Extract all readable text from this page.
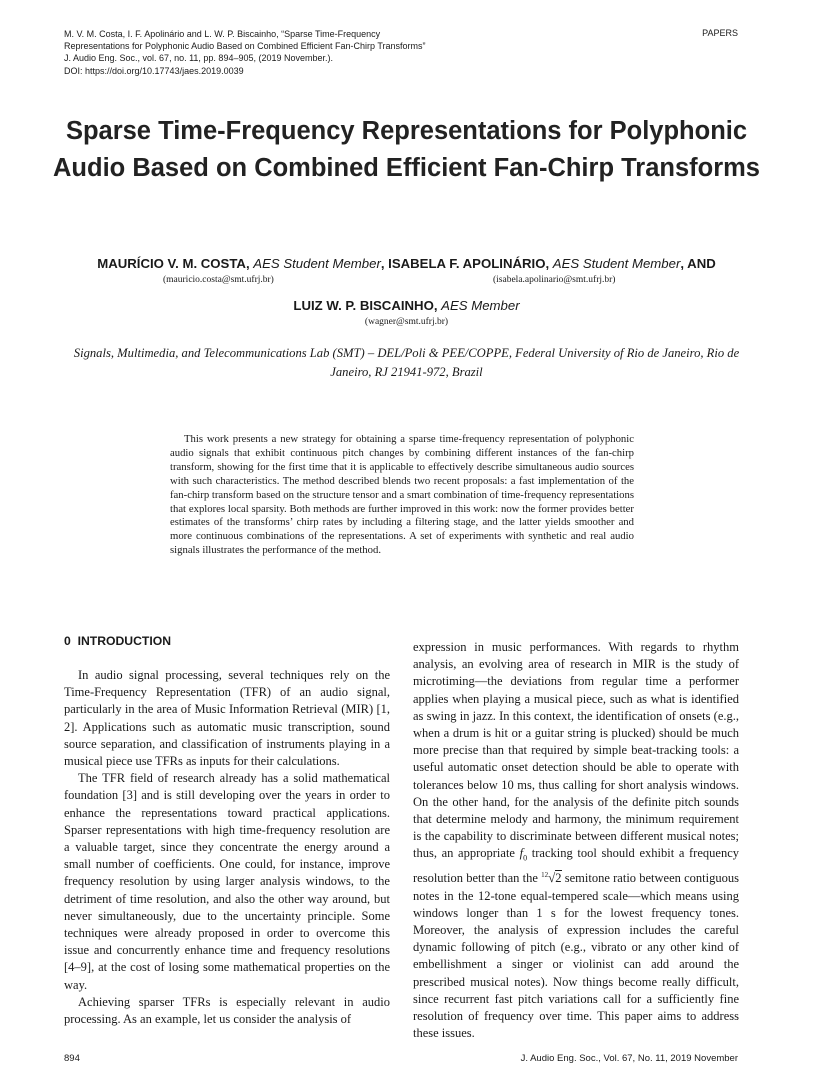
M. V. M. Costa, I. F. Apolinário and L. W. P. Biscainho, “Sparse Time-Frequency
Representations for Polyphonic Audio Based on Combined Efficient Fan-Chirp Transforms”
J. Audio Eng. Soc., vol. 67, no. 11, pp. 894–905, (2019 November.).
DOI: https://doi.org/10.17743/jaes.2019.0039
PAPERS
Sparse Time-Frequency Representations for Polyphonic Audio Based on Combined Efficient Fan-Chirp Transforms
MAURÍCIO V. M. COSTA, AES Student Member, ISABELA F. APOLINÁRIO, AES Student Member, AND
(mauricio.costa@smt.ufrj.br)	(isabela.apolinario@smt.ufrj.br)
LUIZ W. P. BISCAINHO, AES Member
(wagner@smt.ufrj.br)
Signals, Multimedia, and Telecommunications Lab (SMT) – DEL/Poli & PEE/COPPE, Federal University of Rio de Janeiro, Rio de Janeiro, RJ 21941-972, Brazil

This work presents a new strategy for obtaining a sparse time-frequency representation of polyphonic audio signals that exhibit continuous pitch changes by combining different instances of the fan-chirp transform, showing for the first time that it is applicable to effectively describe simultaneous audio sources with such characteristics. The method described blends two recent proposals: a fast implementation of the fan-chirp transform based on the structure tensor and a smart combination of time-frequency representations that explores local sparsity. Both methods are further improved in this work: now the former provides better estimates of the transforms’ chirp rates by including a filtering stage, and the latter yields smoother and more continuous combinations of the representations. A set of experiments with synthetic and real audio signals illustrates the performance of the method.

0 INTRODUCTION

In audio signal processing, several techniques rely on the Time-Frequency Representation (TFR) of an audio signal, particularly in the area of Music Information Retrieval (MIR) [1, 2]. Applications such as automatic music transcription, sound source separation, and classification of instruments playing in a musical piece use TFRs as inputs for their calculations.

The TFR field of research already has a solid mathematical foundation [3] and is still developing over the years in order to enhance the representations toward practical applications. Sparser representations with high time-frequency resolution are a valuable target, since they concentrate the energy around a small number of coefficients. One could, for instance, improve frequency resolution by using larger analysis windows, to the detriment of time resolution, and also the other way around, but never simultaneously, due to the uncertainty principle. Some techniques were already proposed in order to overcome this issue and concurrently enhance time and frequency resolutions [4–9], at the cost of losing some mathematical properties on the way.

Achieving sparser TFRs is especially relevant in audio processing. As an example, let us consider the analysis of

expression in music performances. With regards to rhythm analysis, an evolving area of research in MIR is the study of microtiming—the deviations from regular time a performer applies when playing a musical piece, such as what is identified as swing in jazz. In this context, the identification of onsets (e.g., when a drum is hit or a guitar string is plucked) should be much more precise than that required by simple beat-tracking tools: a useful automatic onset detection should be able to operate with tolerances below 10 ms, thus calling for short analysis windows. On the other hand, for the analysis of the definite pitch sounds that determine melody and harmony, the minimum requirement is the capability to discriminate between different musical notes; thus, an appropriate $f_0$ tracking tool should exhibit a frequency resolution better than the $^{12}$√2 semitone ratio between contiguous notes in the 12-tone equal-tempered scale—which means using windows longer than 1 s for the lowest frequency tones. Moreover, the analysis of expression includes the careful dynamic following of pitch (e.g., vibrato or any other kind of embellishment a singer or violinist can add around the prescribed musical notes). Now things become really difficult, since recurrent fast pitch variations call for a sufficiently fine resolution of frequency over time. This paper aims to address these issues.

894	J. Audio Eng. Soc., Vol. 67, No. 11, 2019 November
